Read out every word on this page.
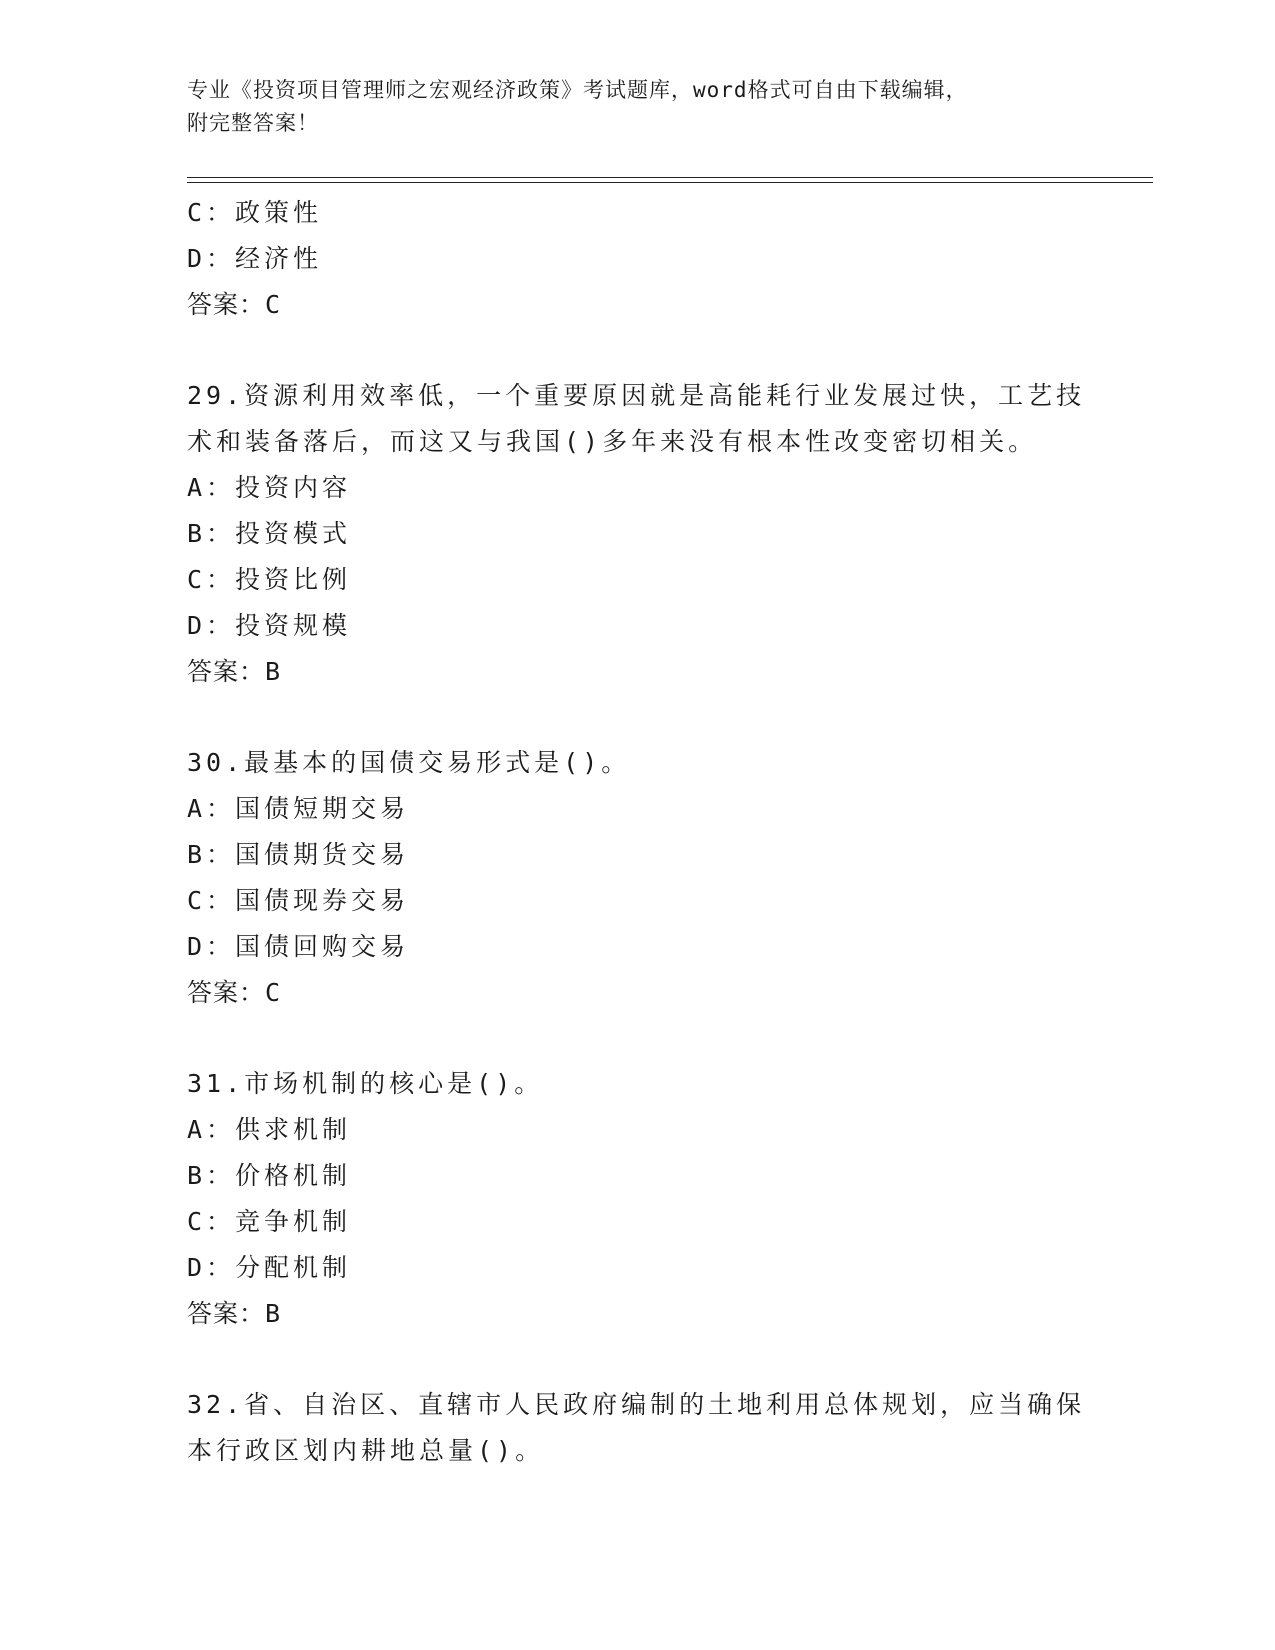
专业《投资项目管理师之宏观经济政策》考试题库，word格式可自由下载编辑，
附完整答案！
C：政策性
D：经济性
答案：C
29.资源利用效率低，一个重要原因就是高能耗行业发展过快，工艺技
术和装备落后，而这又与我国()多年来没有根本性改变密切相关。
A：投资内容
B：投资模式
C：投资比例
D：投资规模
答案：B
30.最基本的国债交易形式是()。
A：国债短期交易
B：国债期货交易
C：国债现券交易
D：国债回购交易
答案：C
31.市场机制的核心是()。
A：供求机制
B：价格机制
C：竞争机制
D：分配机制
答案：B
32.省、自治区、直辖市人民政府编制的土地利用总体规划，应当确保
本行政区划内耕地总量()。
